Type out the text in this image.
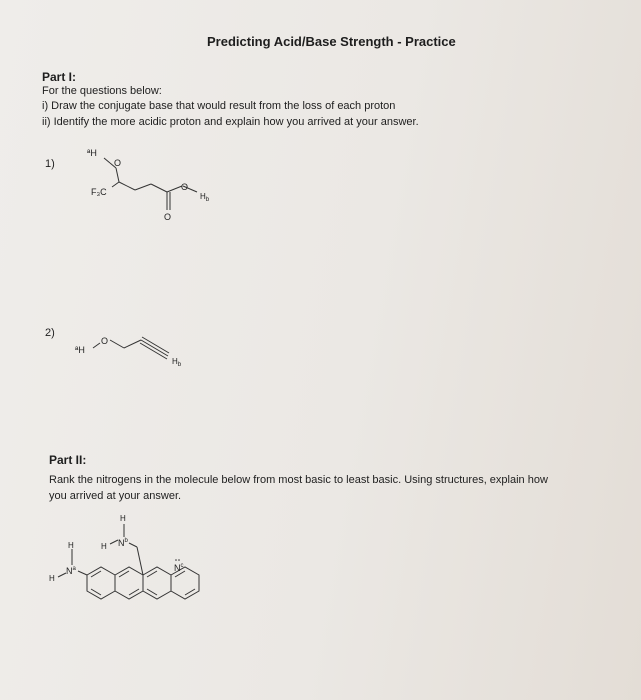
Predicting Acid/Base Strength - Practice
Part I:
For the questions below:
i) Draw the conjugate base that would result from the loss of each proton
ii) Identify the more acidic proton and explain how you arrived at your answer.
1)
2)
Part II:
Rank the nitrogens in the molecule below from most basic to least basic. Using structures, explain how
you arrived at your answer.
ªH
O
F₃C	O
$H_b$
O
ªH
O
$H_b$
H
$N^b$
H
H
$N^a$
H
$N^c$
